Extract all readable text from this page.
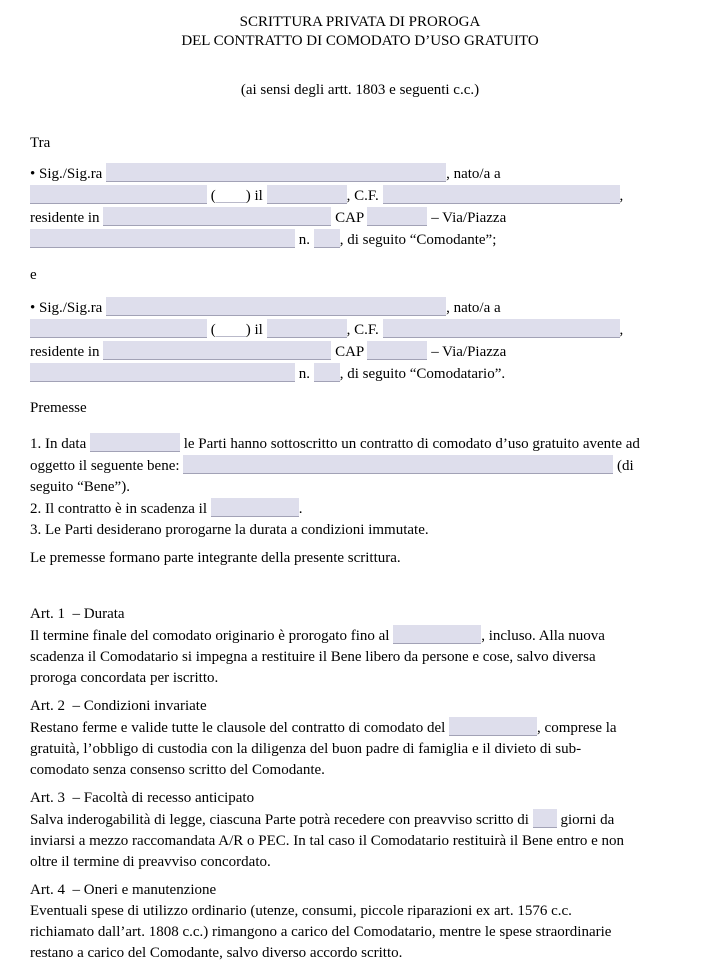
SCRITTURA PRIVATA DI PROROGA
DEL CONTRATTO DI COMODATO D’USO GRATUITO
(ai sensi degli artt. 1803 e seguenti c.c.)
Tra
• Sig./Sig.ra	, nato/a a
( ) il	, C.F.	,
residente in	CAP	– Via/Piazza
n. , di seguito “Comodante”;
e
• Sig./Sig.ra	, nato/a a
( ) il	, C.F.	,
residente in	CAP	– Via/Piazza
n. , di seguito “Comodatario”.
Premesse
1. In data	le Parti hanno sottoscritto un contratto di comodato d’uso gratuito avente ad
oggetto il seguente bene:	(di
seguito “Bene”).
2. Il contratto è in scadenza il	.
3. Le Parti desiderano prorogarne la durata a condizioni immutate.
Le premesse formano parte integrante della presente scrittura.
Art. 1  – Durata
Il termine finale del comodato originario è prorogato fino al	, incluso. Alla nuova
scadenza il Comodatario si impegna a restituire il Bene libero da persone e cose, salvo diversa
proroga concordata per iscritto.
Art. 2  – Condizioni invariate
Restano ferme e valide tutte le clausole del contratto di comodato del	, comprese la
gratuità, l’obbligo di custodia con la diligenza del buon padre di famiglia e il divieto di sub-
comodato senza consenso scritto del Comodante.
Art. 3  – Facoltà di recesso anticipato
Salva inderogabilità di legge, ciascuna Parte potrà recedere con preavviso scritto di  giorni da
inviarsi a mezzo raccomandata A/R o PEC. In tal caso il Comodatario restituirà il Bene entro e non
oltre il termine di preavviso concordato.
Art. 4  – Oneri e manutenzione
Eventuali spese di utilizzo ordinario (utenze, consumi, piccole riparazioni ex art. 1576 c.c.
richiamato dall’art. 1808 c.c.) rimangono a carico del Comodatario, mentre le spese straordinarie
restano a carico del Comodante, salvo diverso accordo scritto.
